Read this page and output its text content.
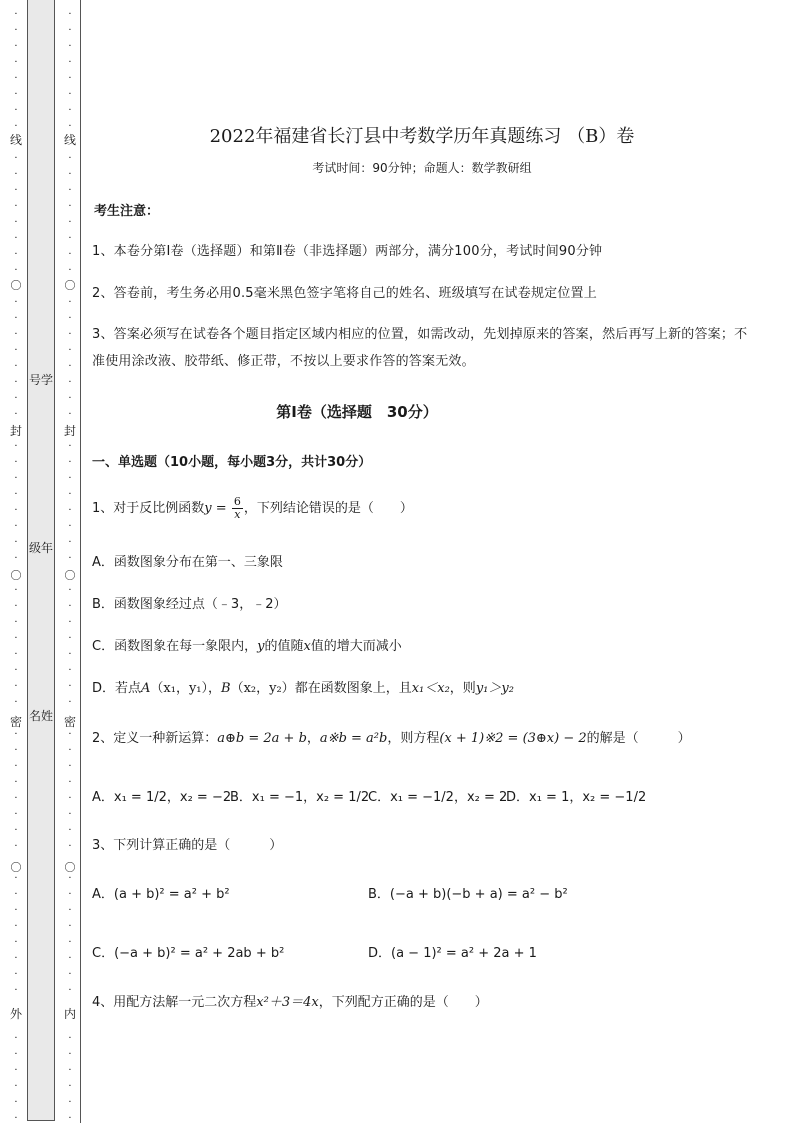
·
·
·
·
·
·
·
·
·
·
·
·
·
·
·
·
·
·
·
·
·
·
·
·
·
·
·
·
·
·
·
·
·
·
·
·
·
·
·
·
·
·
·
·
·
·
·
·
·
·
·
·
·
·
·
·
·
·
·
·
·
·
线
〇
封
〇
密
〇
外
号学
级年
名姓
·
·
·
·
·
·
·
·
·
·
·
·
·
·
·
·
·
·
·
·
·
·
·
·
·
·
·
·
·
·
·
·
·
·
·
·
·
·
·
·
·
·
·
·
·
·
·
·
·
·
·
·
·
·
·
·
·
·
·
·
·
·
线
〇
封
〇
密
〇
内
2022年福建省长汀县中考数学历年真题练习 （B）卷
考试时间：90分钟；命题人：数学教研组
考生注意：
1、本卷分第I卷（选择题）和第Ⅱ卷（非选择题）两部分，满分100分，考试时间90分钟
2、答卷前，考生务必用0.5毫米黑色签字笔将自己的姓名、班级填写在试卷规定位置上
3、答案必须写在试卷各个题目指定区域内相应的位置，如需改动，先划掉原来的答案，然后再写上新的答案；不准使用涂改液、胶带纸、修正带，不按以上要求作答的答案无效。
第I卷（选择题　30分）
一、单选题（10小题，每小题3分，共计30分）
1、对于反比例函数$y = \frac{6}{x}$ ，下列结论错误的是（　　）
A．函数图象分布在第一、三象限
B．函数图象经过点（﹣3，﹣2）
C．函数图象在每一象限内，y的值随x值的增大而减小
D．若点A（x₁，y₁），B（x₂，y₂）都在函数图象上，且x₁＜x₂，则y₁＞y₂
2、定义一种新运算：a⊕b = 2a + b，a※b = a²b，则方程(x + 1)※2 = (3⊕x) − 2的解是（　　　）
A．x₁ = 1/2，x₂ = −2
B．x₁ = −1，x₂ = 1/2
C．x₁ = −1/2，x₂ = 2
D．x₁ = 1，x₂ = −1/2
3、下列计算正确的是（　　　）
A．(a + b)² = a² + b²	B．(−a + b)(−b + a) = a² − b²
C．(−a + b)² = a² + 2ab + b²	D．(a − 1)² = a² + 2a + 1
4、用配方法解一元二次方程x²＋3＝4x，下列配方正确的是（　　）
